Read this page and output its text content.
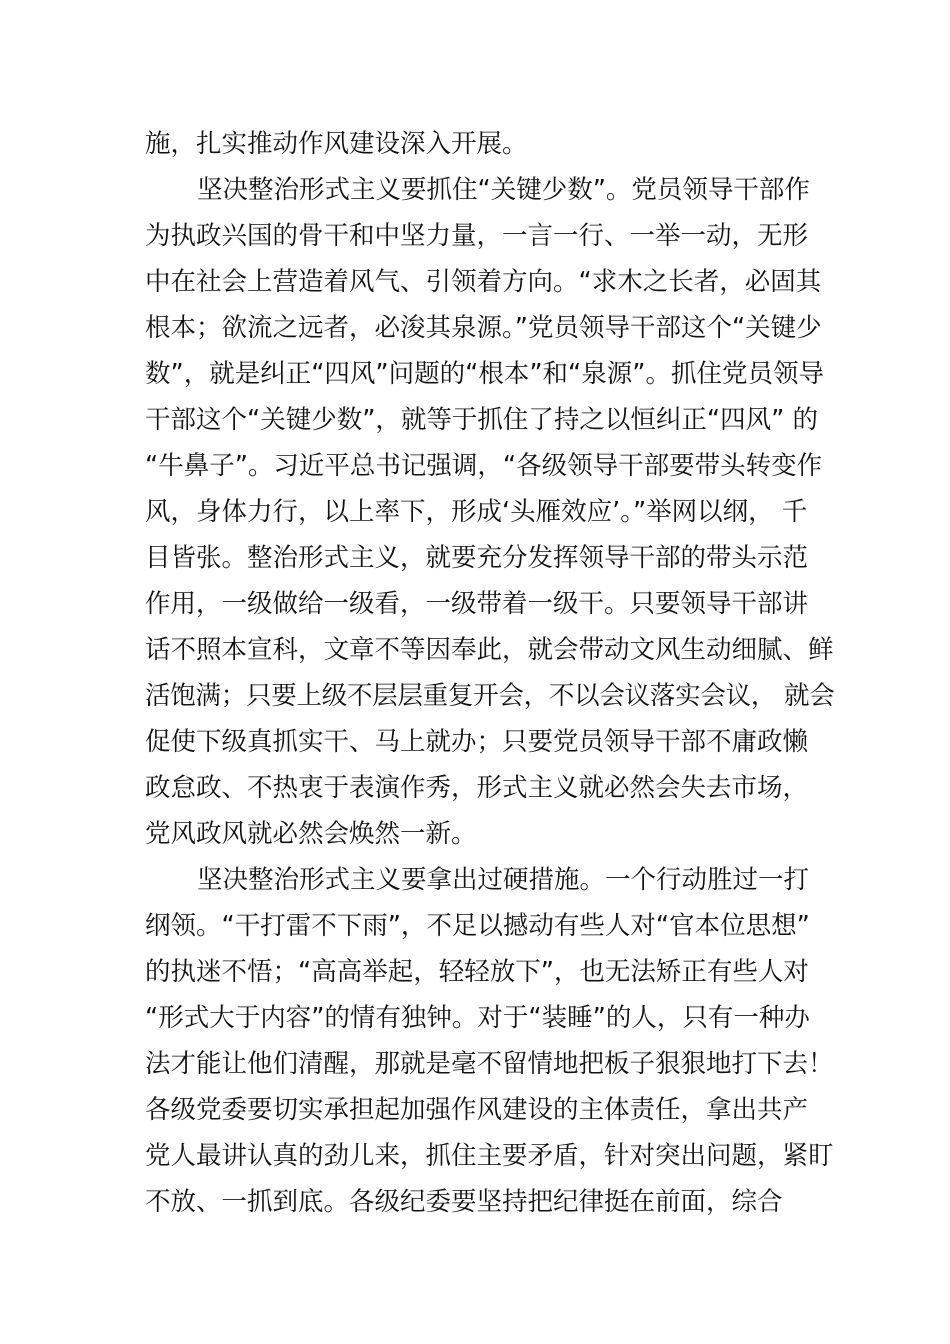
施，扎实推动作风建设深入开展。
坚决整治形式主义要抓住“关键少数”。党员领导干部作
为执政兴国的骨干和中坚力量，一言一行、一举一动，无形
中在社会上营造着风气、引领着方向。“求木之长者，必固其
根本；欲流之远者，必浚其泉源。”党员领导干部这个“关键少
数”，就是纠正“四风”问题的“根本”和“泉源”。抓住党员领导
干部这个“关键少数”，就等于抓住了持之以恒纠正“四风” 的
“牛鼻子”。习近平总书记强调，“各级领导干部要带头转变作
风，身体力行，以上率下，形成‘头雁效应’。”举网以纲， 千
目皆张。整治形式主义，就要充分发挥领导干部的带头示范
作用，一级做给一级看，一级带着一级干。只要领导干部讲
话不照本宣科，文章不等因奉此，就会带动文风生动细腻、鲜
活饱满；只要上级不层层重复开会，不以会议落实会议， 就会
促使下级真抓实干、马上就办；只要党员领导干部不庸政懒
政怠政、不热衷于表演作秀，形式主义就必然会失去市场，
党风政风就必然会焕然一新。
坚决整治形式主义要拿出过硬措施。一个行动胜过一打
纲领。“干打雷不下雨”，不足以撼动有些人对“官本位思想”
的执迷不悟；“高高举起，轻轻放下”，也无法矫正有些人对
“形式大于内容”的情有独钟。对于“装睡”的人，只有一种办
法才能让他们清醒，那就是毫不留情地把板子狠狠地打下去！
各级党委要切实承担起加强作风建设的主体责任，拿出共产
党人最讲认真的劲儿来，抓住主要矛盾，针对突出问题，紧盯
不放、一抓到底。各级纪委要坚持把纪律挺在前面，综合
